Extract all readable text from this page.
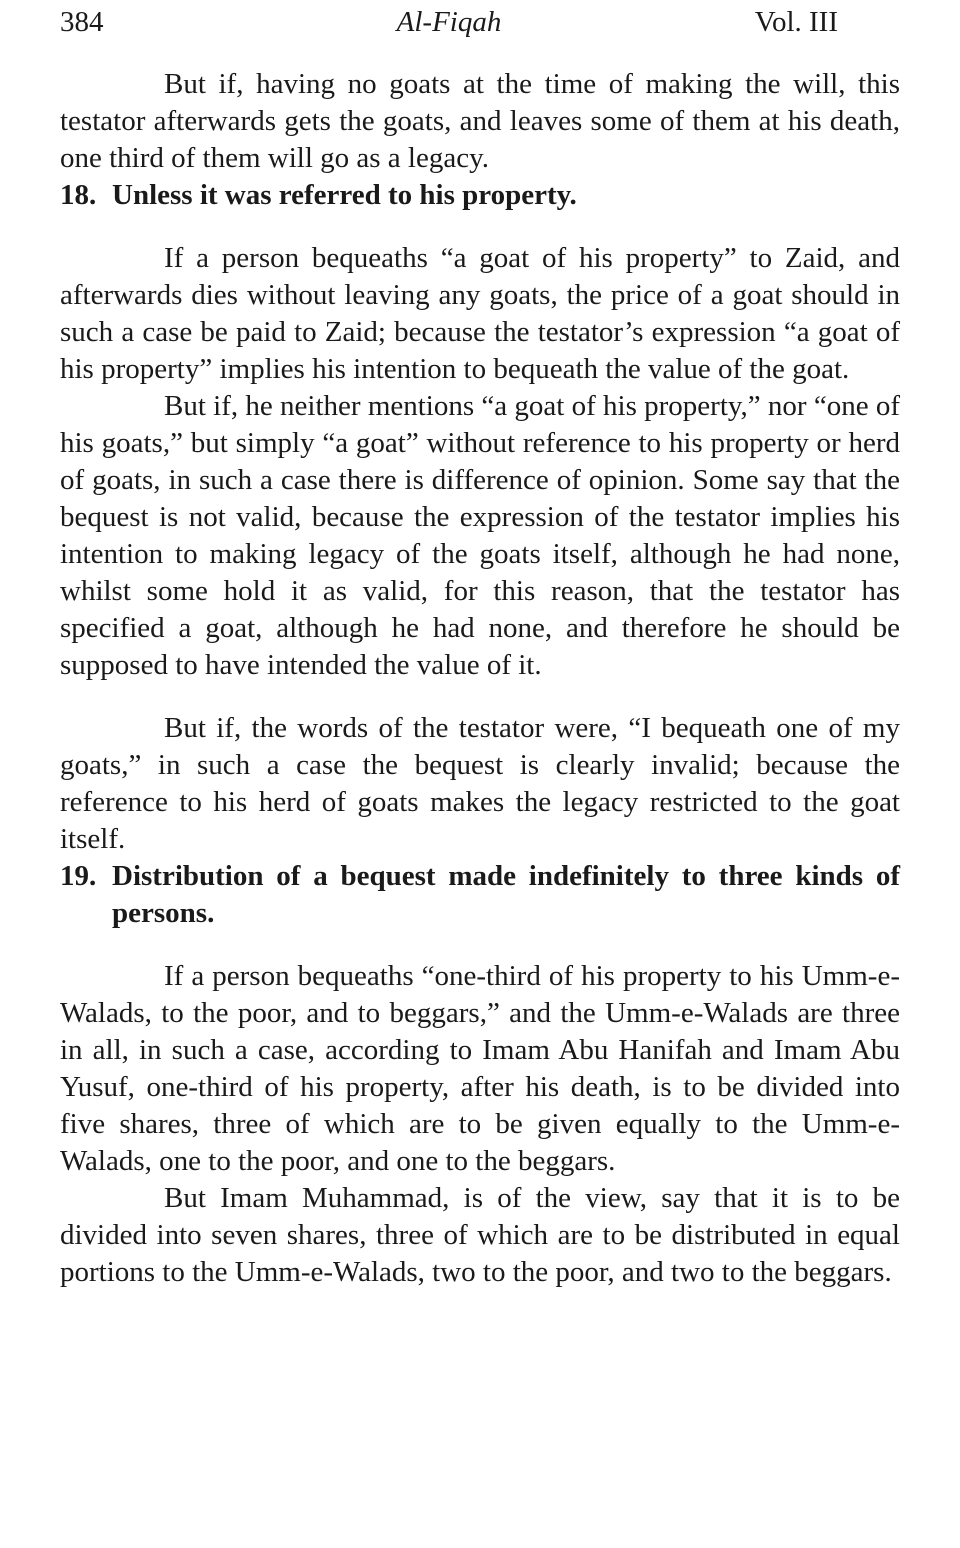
384	Al-Fiqah	Vol. III

But if, having no goats at the time of making the will, this testator afterwards gets the goats, and leaves some of them at his death, one third of them will go as a legacy.

18. Unless it was referred to his property.

If a person bequeaths “a goat of his property” to Zaid, and afterwards dies without leaving any goats, the price of a goat should in such a case be paid to Zaid; because the testator’s expression “a goat of his property” implies his intention to bequeath the value of the goat.

But if, he neither mentions “a goat of his property,” nor “one of his goats,” but simply “a goat” without reference to his property or herd of goats, in such a case there is difference of opinion. Some say that the bequest is not valid, because the expression of the testator implies his intention to making legacy of the goats itself, although he had none, whilst some hold it as valid, for this reason, that the testator has specified a goat, although he had none, and therefore he should be supposed to have intended the value of it.

But if, the words of the testator were, “I bequeath one of my goats,” in such a case the bequest is clearly invalid; because the reference to his herd of goats makes the legacy restricted to the goat itself.

19. Distribution of a bequest made indefinitely to three kinds of persons.

If a person bequeaths “one-third of his property to his Umm-e-Walads, to the poor, and to beggars,” and the Umm-e-Walads are three in all, in such a case, according to Imam Abu Hanifah and Imam Abu Yusuf, one-third of his property, after his death, is to be divided into five shares, three of which are to be given equally to the Umm-e-Walads, one to the poor, and one to the beggars.

But Imam Muhammad, is of the view, say that it is to be divided into seven shares, three of which are to be distributed in equal portions to the Umm-e-Walads, two to the poor, and two to the beggars.
